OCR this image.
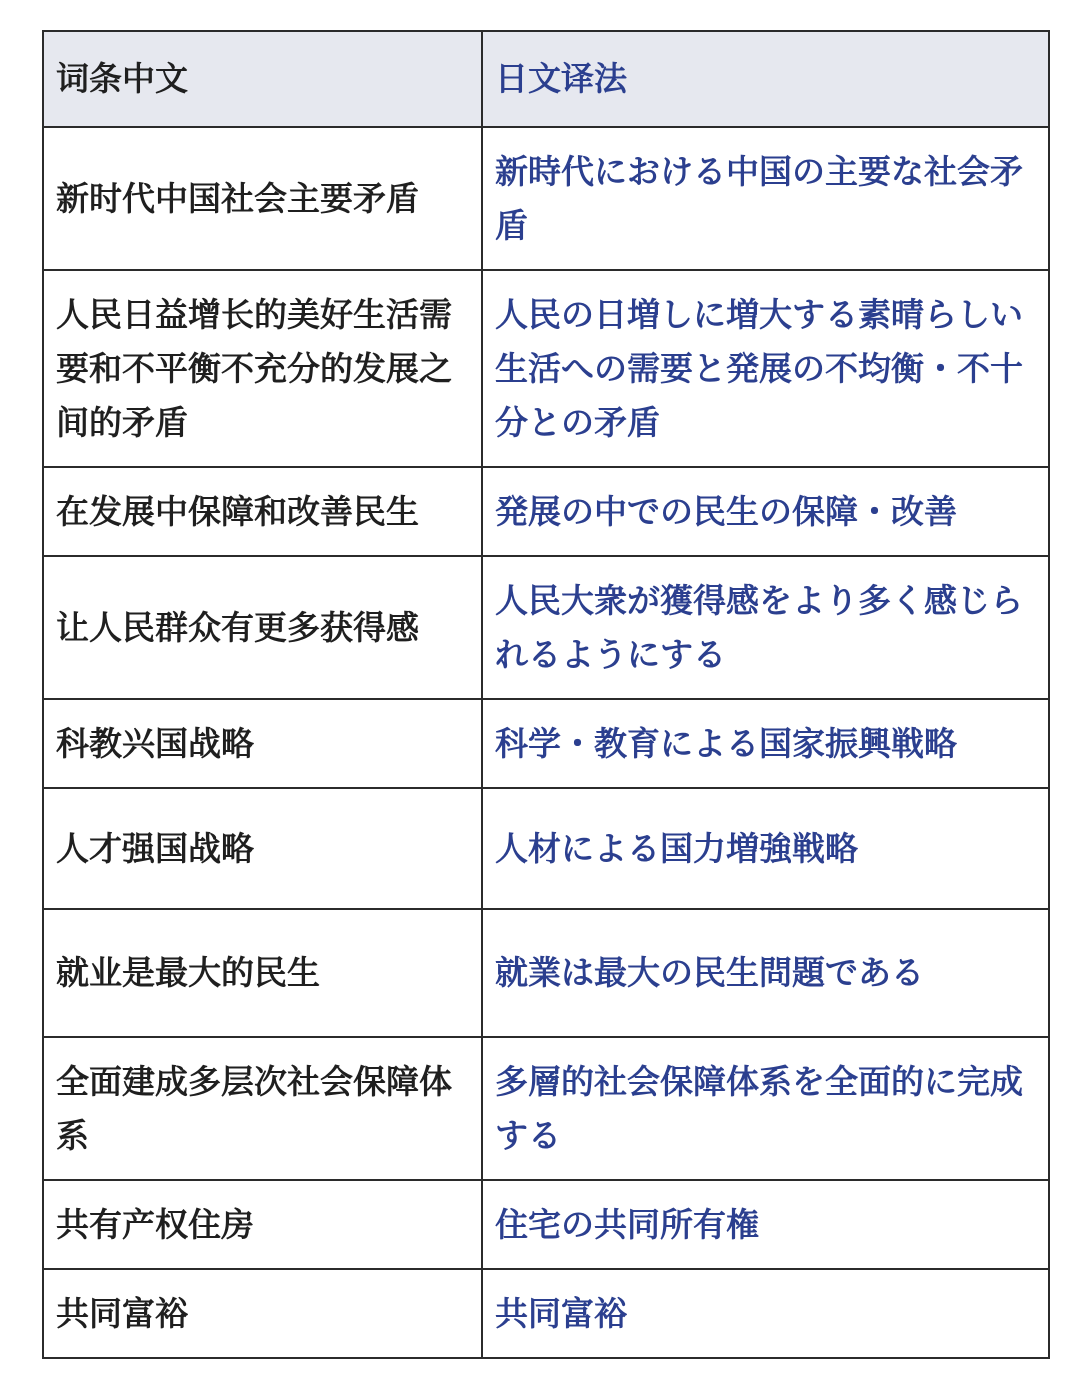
词条中文	日文译法
新时代中国社会主要矛盾	新時代における中国の主要な社会矛盾
人民日益增长的美好生活需要和不平衡不充分的发展之间的矛盾	人民の日増しに増大する素晴らしい生活への需要と発展の不均衡・不十分との矛盾
在发展中保障和改善民生	発展の中での民生の保障・改善
让人民群众有更多获得感	人民大衆が獲得感をより多く感じられるようにする
科教兴国战略	科学・教育による国家振興戦略
人才强国战略	人材による国力増強戦略
就业是最大的民生	就業は最大の民生問題である
全面建成多层次社会保障体系	多層的社会保障体系を全面的に完成する
共有产权住房	住宅の共同所有権
共同富裕	共同富裕
